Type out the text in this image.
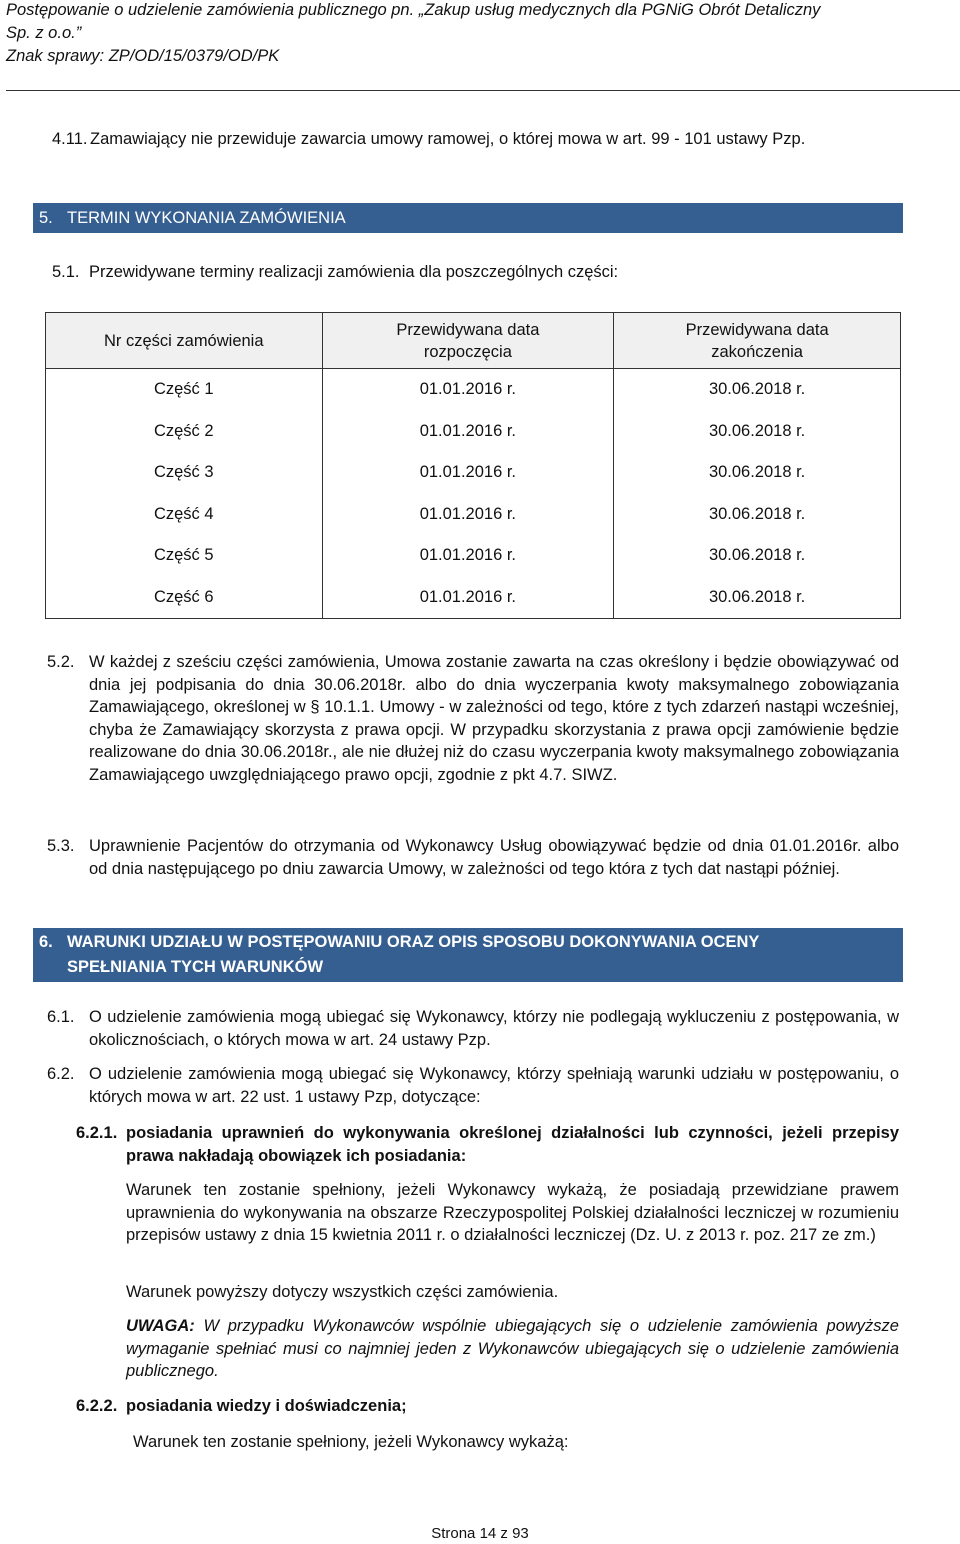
Postępowanie o udzielenie zamówienia publicznego pn. „Zakup usług medycznych dla PGNiG Obrót Detaliczny
Sp. z o.o.”
Znak sprawy: ZP/OD/15/0379/OD/PK
4.11. Zamawiający nie przewiduje zawarcia umowy ramowej, o której mowa w art. 99 - 101 ustawy Pzp.

5. TERMIN WYKONANIA ZAMÓWIENIA
5.1. Przewidywane terminy realizacji zamówienia dla poszczególnych części:
Nr części zamówienia	Przewidywana data rozpoczęcia	Przewidywana data zakończenia

Część 1	01.01.2016 r.	30.06.2018 r.
Część 2	01.01.2016 r.	30.06.2018 r.
Część 3	01.01.2016 r.	30.06.2018 r.
Część 4	01.01.2016 r.	30.06.2018 r.
Część 5	01.01.2016 r.	30.06.2018 r.
Część 6	01.01.2016 r.	30.06.2018 r.
5.2. W każdej z sześciu części zamówienia, Umowa zostanie zawarta na czas określony i będzie obowiązywać od dnia jej podpisania do dnia 30.06.2018r. albo do dnia wyczerpania kwoty maksymalnego zobowiązania Zamawiającego, określonej w § 10.1.1. Umowy - w zależności od tego, które z tych zdarzeń nastąpi wcześniej, chyba że Zamawiający skorzysta z prawa opcji. W przypadku skorzystania z prawa opcji zamówienie będzie realizowane do dnia 30.06.2018r., ale nie dłużej niż do czasu wyczerpania kwoty maksymalnego zobowiązania Zamawiającego uwzględniającego prawo opcji, zgodnie z pkt 4.7. SIWZ.

5.3. Uprawnienie Pacjentów do otrzymania od Wykonawcy Usług obowiązywać będzie od dnia 01.01.2016r. albo od dnia następującego po dniu zawarcia Umowy, w zależności od tego która z tych dat nastąpi później.

6. WARUNKI UDZIAŁU W POSTĘPOWANIU ORAZ OPIS SPOSOBU DOKONYWANIA OCENY
SPEŁNIANIA TYCH WARUNKÓW
6.1. O udzielenie zamówienia mogą ubiegać się Wykonawcy, którzy nie podlegają wykluczeniu z postępowania, w okolicznościach, o których mowa w art. 24 ustawy Pzp.

6.2. O udzielenie zamówienia mogą ubiegać się Wykonawcy, którzy spełniają warunki udziału w postępowaniu, o których mowa w art. 22 ust. 1 ustawy Pzp, dotyczące:

6.2.1. posiadania uprawnień do wykonywania określonej działalności lub czynności, jeżeli przepisy prawa nakładają obowiązek ich posiadania:

Warunek ten zostanie spełniony, jeżeli Wykonawcy wykażą, że posiadają przewidziane prawem uprawnienia do wykonywania na obszarze Rzeczypospolitej Polskiej działalności leczniczej w rozumieniu przepisów ustawy z dnia 15 kwietnia 2011 r. o działalności leczniczej (Dz. U. z 2013 r. poz. 217 ze zm.)

Warunek powyższy dotyczy wszystkich części zamówienia.

UWAGA: W przypadku Wykonawców wspólnie ubiegających się o udzielenie zamówienia powyższe wymaganie spełniać musi co najmniej jeden z Wykonawców ubiegających się o udzielenie zamówienia publicznego.

6.2.2. posiadania wiedzy i doświadczenia;
Warunek ten zostanie spełniony, jeżeli Wykonawcy wykażą:
Strona 14 z 93
